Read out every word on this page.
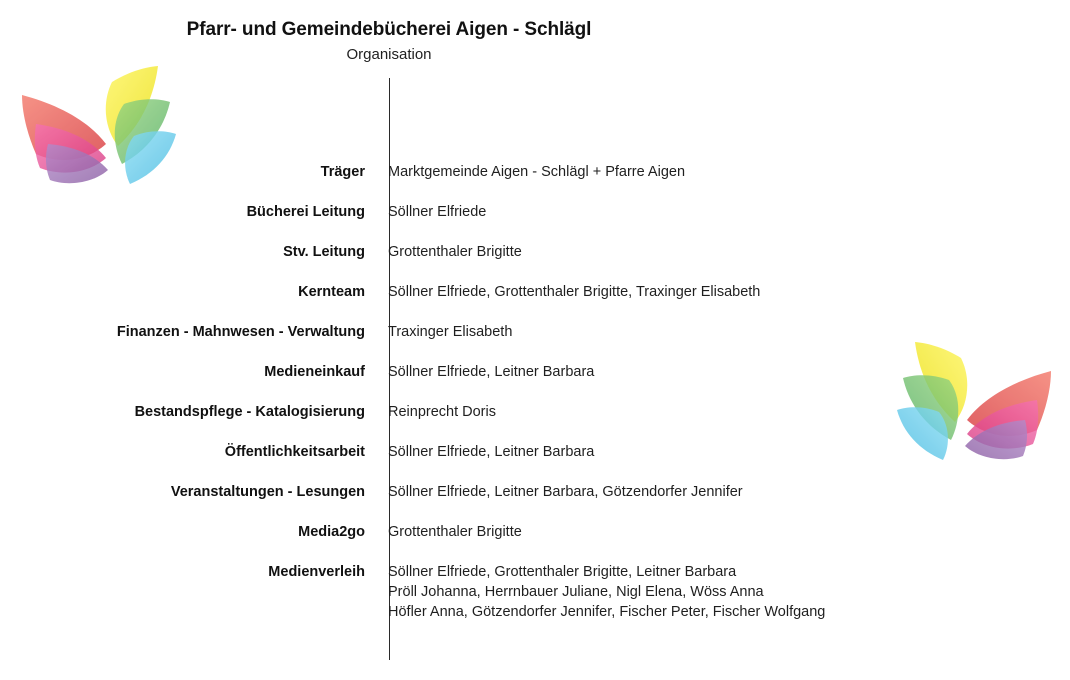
Pfarr- und Gemeindebücherei Aigen - Schlägl
Organisation
Träger	Marktgemeinde Aigen - Schlägl + Pfarre Aigen
Bücherei Leitung	Söllner Elfriede
Stv. Leitung	Grottenthaler Brigitte
Kernteam	Söllner Elfriede, Grottenthaler Brigitte, Traxinger Elisabeth
Finanzen - Mahnwesen - Verwaltung	Traxinger Elisabeth
Medieneinkauf	Söllner Elfriede, Leitner Barbara
Bestandspflege - Katalogisierung	Reinprecht Doris
Öffentlichkeitsarbeit	Söllner Elfriede, Leitner Barbara
Veranstaltungen - Lesungen	Söllner Elfriede, Leitner Barbara, Götzendorfer Jennifer
Media2go	Grottenthaler Brigitte
Medienverleih	Söllner Elfriede, Grottenthaler Brigitte, Leitner Barbara
Pröll Johanna, Herrnbauer Juliane, Nigl Elena, Wöss Anna
Höfler Anna, Götzendorfer Jennifer, Fischer Peter, Fischer Wolfgang
